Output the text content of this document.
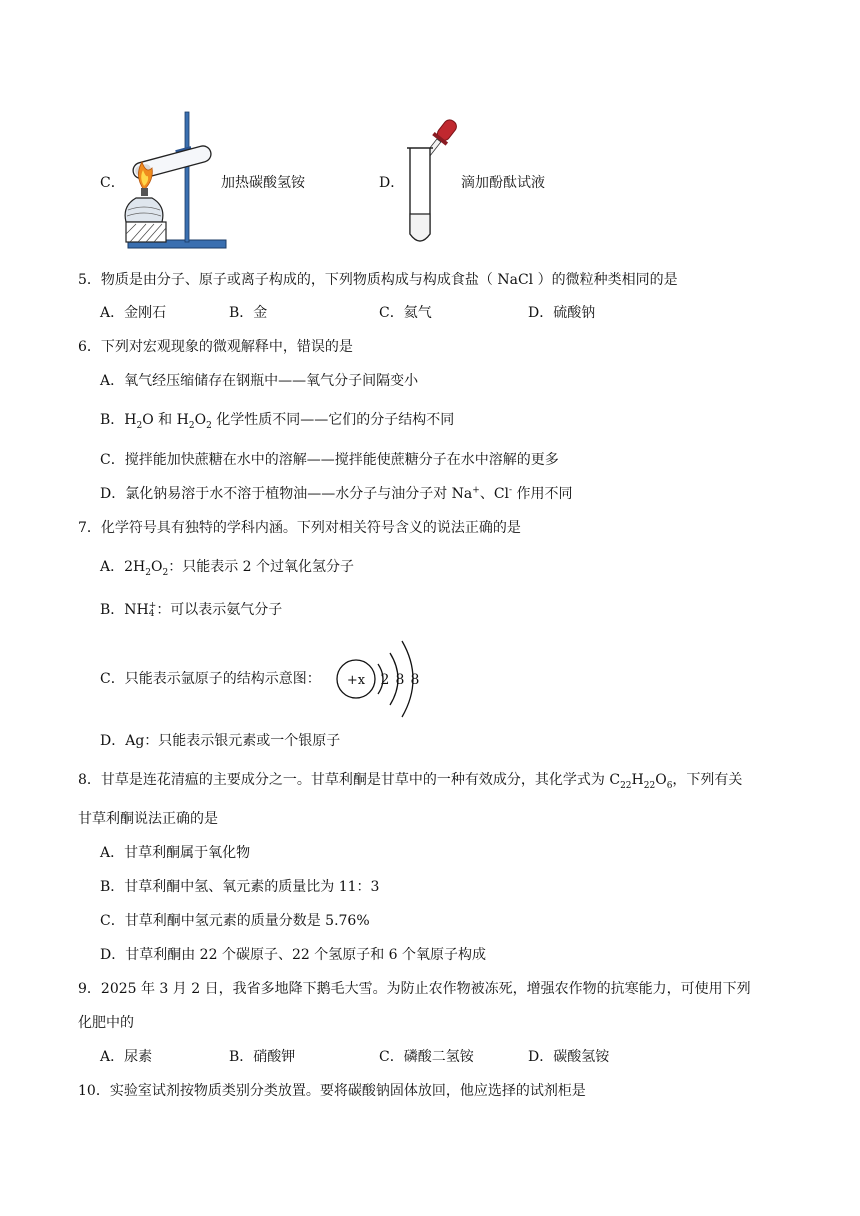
C．	加热碳酸氢铵	D．	滴加酚酞试液
5．物质是由分子、原子或离子构成的，下列物质构成与构成食盐（ NaCl ）的微粒种类相同的是
A．金刚石	B．金	C．氦气	D．硫酸钠
6．下列对宏观现象的微观解释中，错误的是
A．氧气经压缩储存在钢瓶中——氧气分子间隔变小
B．$H_2O$ 和 $H_2O_2$ 化学性质不同——它们的分子结构不同
C．搅拌能加快蔗糖在水中的溶解——搅拌能使蔗糖分子在水中溶解的更多
D．氯化钠易溶于水不溶于植物油——水分子与油分子对 Na+、Cl- 作用不同
7．化学符号具有独特的学科内涵。下列对相关符号含义的说法正确的是
A．$2H_2O_2$：只能表示 2 个过氧化氢分子
B．NH +
4 ：可以表示氨气分子
C．只能表示氩原子的结构示意图： +x 2 8 8
D．Ag：只能表示银元素或一个银原子
8．甘草是连花清瘟的主要成分之一。甘草利酮是甘草中的一种有效成分，其化学式为 $C_{22}H_{22}O_6$，下列有关
甘草利酮说法正确的是
A．甘草利酮属于氧化物
B．甘草利酮中氢、氧元素的质量比为 11：3
C．甘草利酮中氢元素的质量分数是 5.76%
D．甘草利酮由 22 个碳原子、22 个氢原子和 6 个氧原子构成
9．2025 年 3 月 2 日，我省多地降下鹅毛大雪。为防止农作物被冻死，增强农作物的抗寒能力，可使用下列
化肥中的
A．尿素	B．硝酸钾	C．磷酸二氢铵	D．碳酸氢铵
10．实验室试剂按物质类别分类放置。要将碳酸钠固体放回，他应选择的试剂柜是
